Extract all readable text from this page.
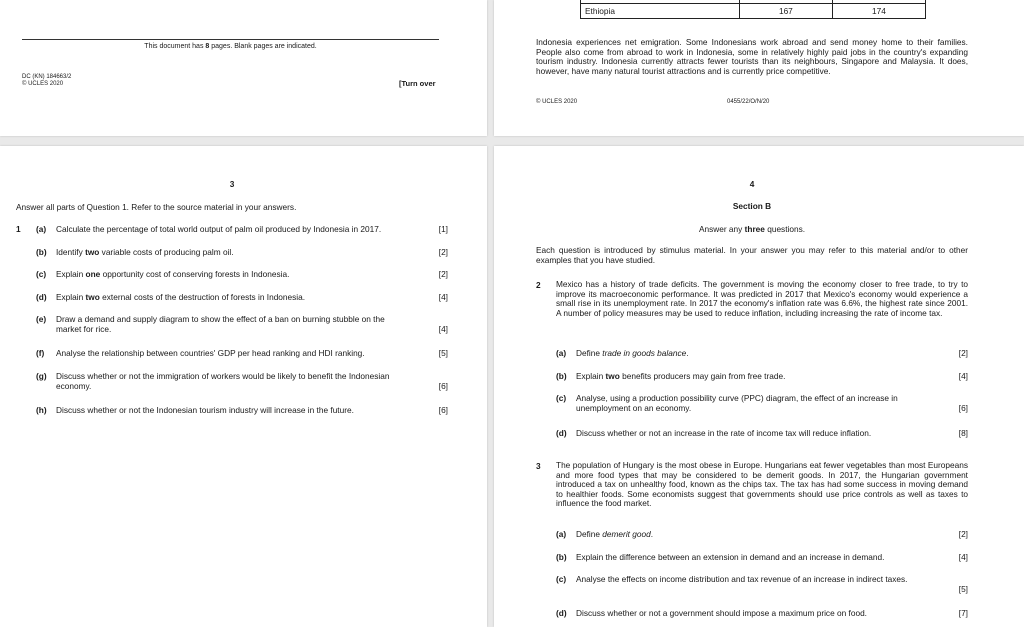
This document has 8 pages. Blank pages are indicated.
DC (KN) 184663/2
© UCLES 2020	[Turn over

Ethiopia	167	174
Indonesia experiences net emigration. Some Indonesians work abroad and send money home to their families. People also come from abroad to work in Indonesia, some in relatively highly paid jobs in the country's expanding tourism industry. Indonesia currently attracts fewer tourists than its neighbours, Singapore and Malaysia. It does, however, have many natural tourist attractions and is currently price competitive.
© UCLES 2020	0455/22/O/N/20
3
Answer all parts of Question 1. Refer to the source material in your answers.
1 (a) Calculate the percentage of total world output of palm oil produced by Indonesia in 2017.	[1]
(b) Identify two variable costs of producing palm oil.	[2]
(c) Explain one opportunity cost of conserving forests in Indonesia.	[2]
(d) Explain two external costs of the destruction of forests in Indonesia.	[4]
(e) Draw a demand and supply diagram to show the effect of a ban on burning stubble on the
market for rice.	[4]
(f) Analyse the relationship between countries' GDP per head ranking and HDI ranking.	[5]
(g) Discuss whether or not the immigration of workers would be likely to benefit the Indonesian
economy.	[6]
(h) Discuss whether or not the Indonesian tourism industry will increase in the future.	[6]
4
Section B
Answer any three questions.
Each question is introduced by stimulus material. In your answer you may refer to this material and/or to other examples that you have studied.
2 Mexico has a history of trade deficits. The government is moving the economy closer to free trade, to try to improve its macroeconomic performance. It was predicted in 2017 that Mexico's economy would experience a small rise in its unemployment rate. In 2017 the economy's inflation rate was 6.6%, the highest rate since 2001. A number of policy measures may be used to reduce inflation, including increasing the rate of income tax.
(a) Define trade in goods balance.	[2]
(b) Explain two benefits producers may gain from free trade.	[4]
(c) Analyse, using a production possibility curve (PPC) diagram, the effect of an increase in
unemployment on an economy.	[6]
(d) Discuss whether or not an increase in the rate of income tax will reduce inflation.	[8]
3 The population of Hungary is the most obese in Europe. Hungarians eat fewer vegetables than most Europeans and more food types that may be considered to be demerit goods. In 2017, the Hungarian government introduced a tax on unhealthy food, known as the chips tax. The tax has had some success in moving demand to healthier foods. Some economists suggest that governments should use price controls as well as taxes to influence the food market.
(a) Define demerit good.	[2]
(b) Explain the difference between an extension in demand and an increase in demand.	[4]
(c) Analyse the effects on income distribution and tax revenue of an increase in indirect taxes.
[5]
(d) Discuss whether or not a government should impose a maximum price on food.	[7]
